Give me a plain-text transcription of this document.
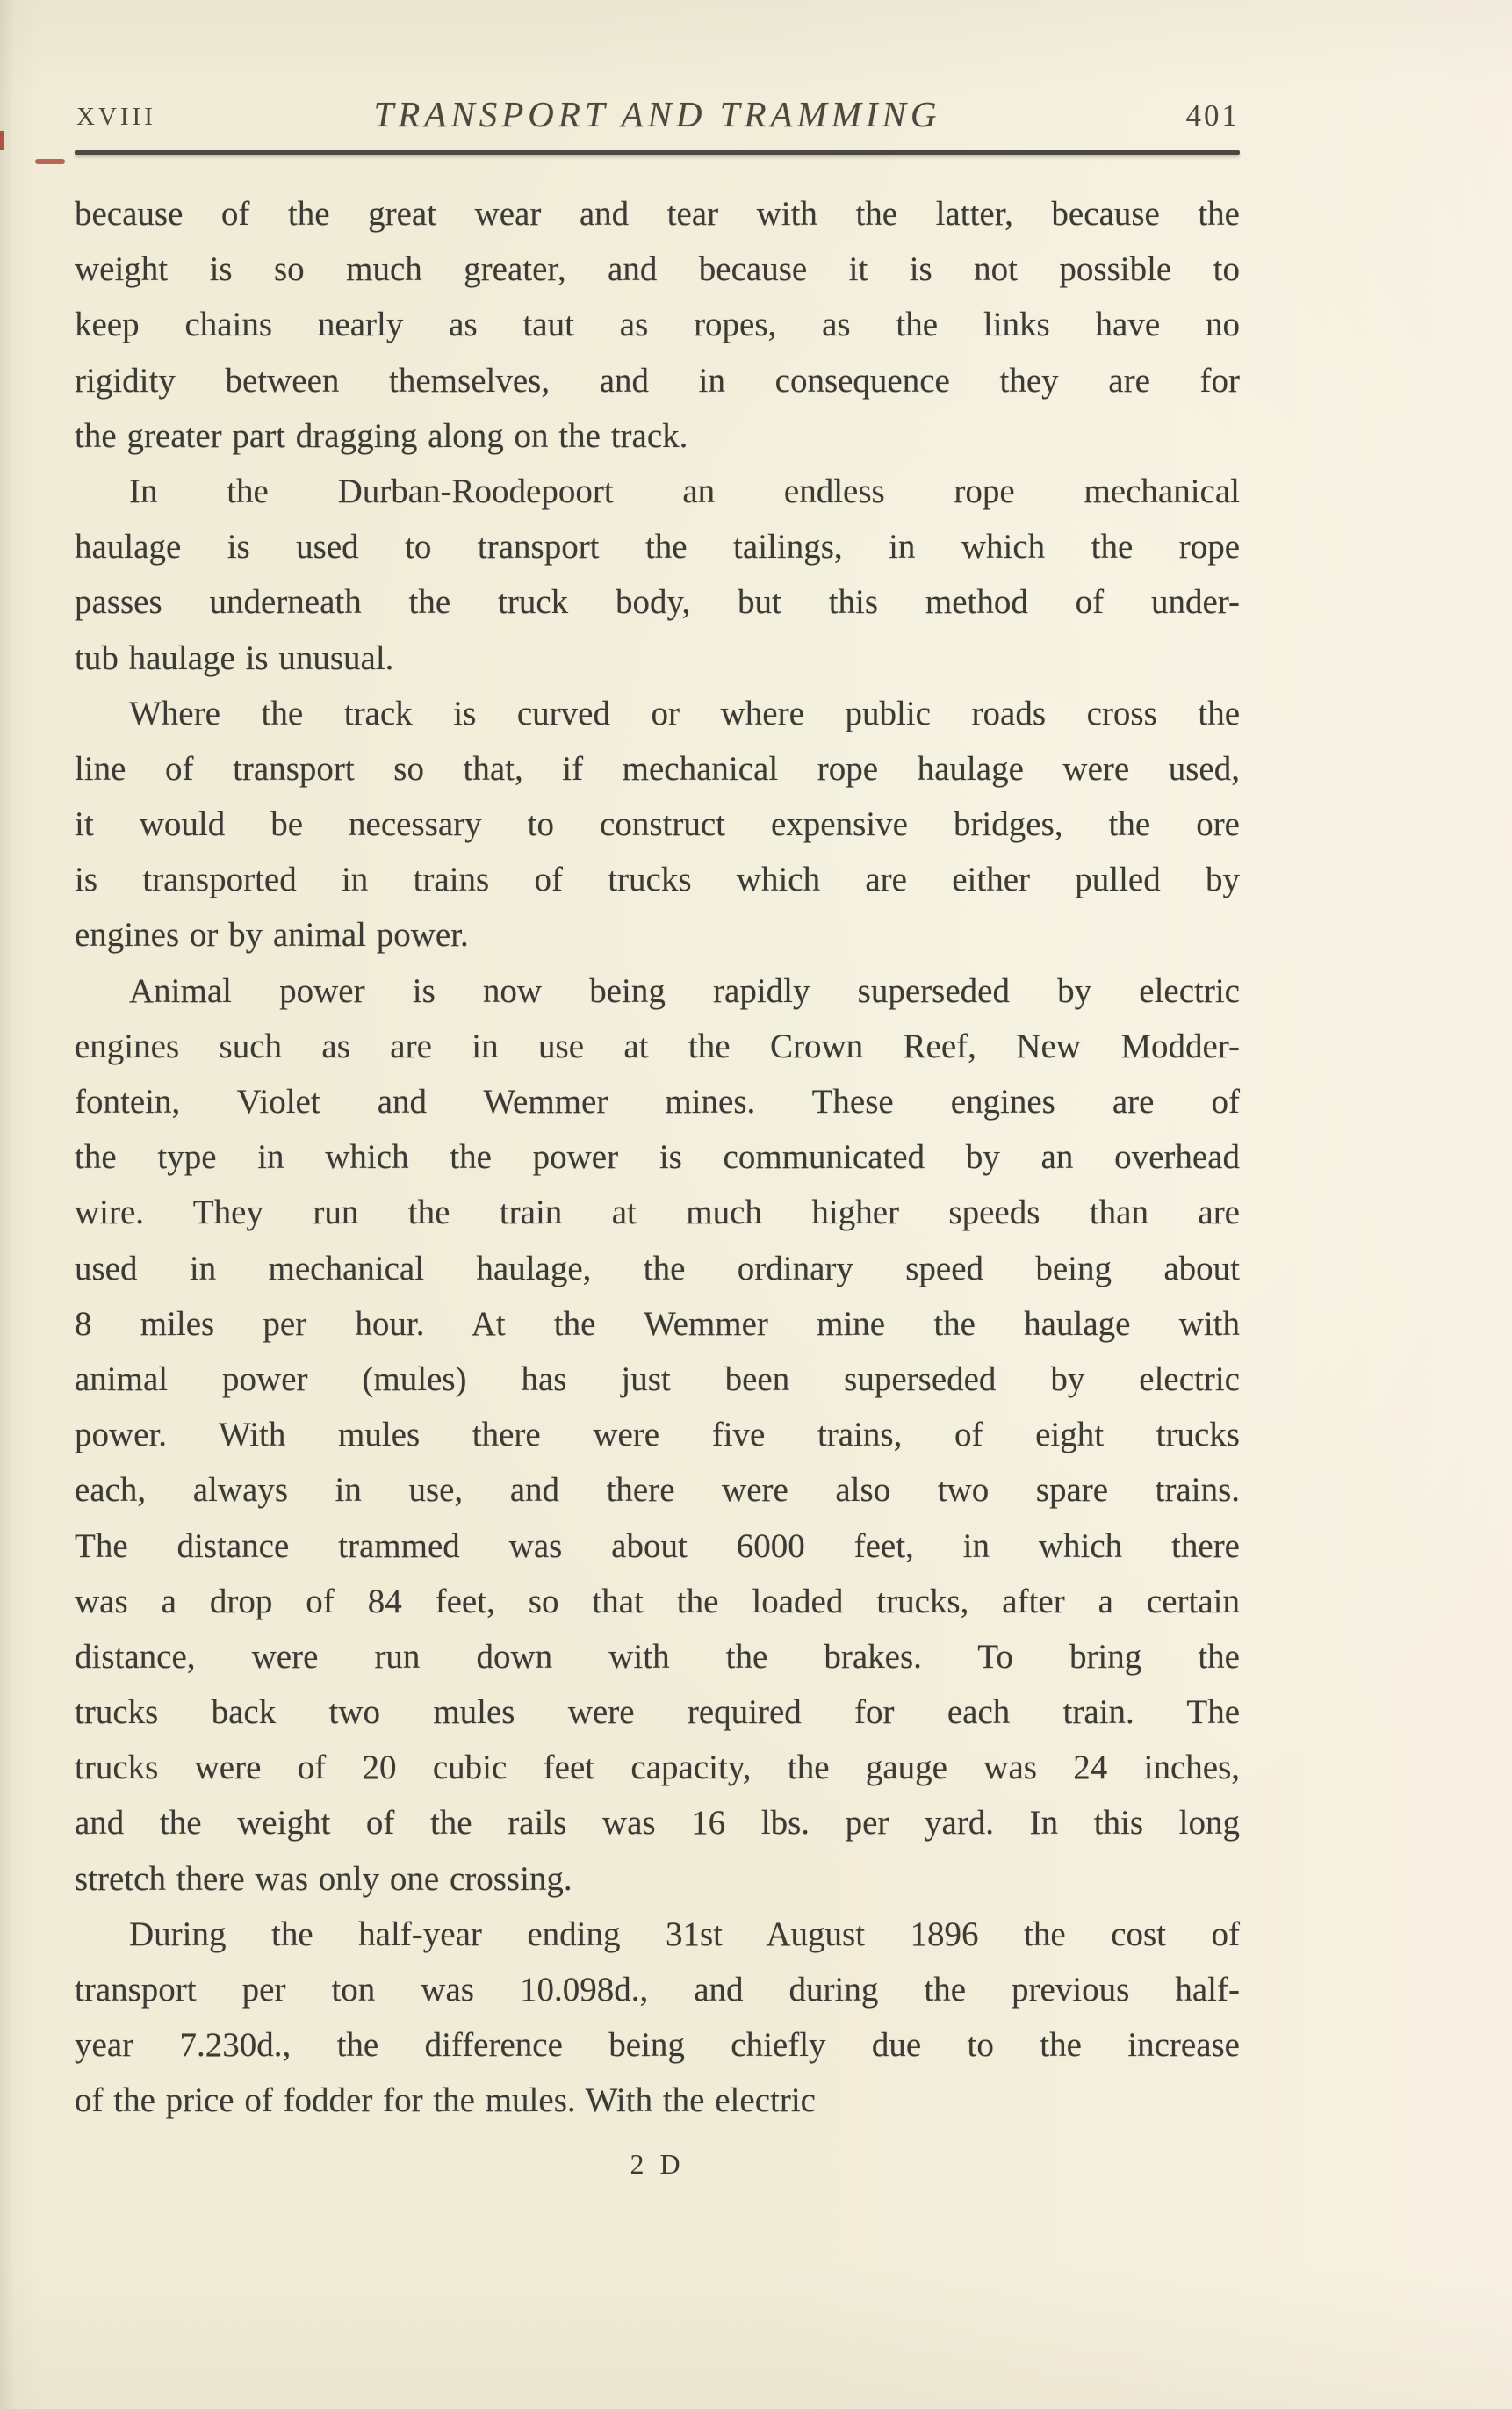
XVIII	TRANSPORT AND TRAMMING	401
because of the great wear and tear with the latter, because the
weight is so much greater, and because it is not possible to
keep chains nearly as taut as ropes, as the links have no
rigidity between themselves, and in consequence they are for
the greater part dragging along on the track.
In the Durban-Roodepoort an endless rope mechanical
haulage is used to transport the tailings, in which the rope
passes underneath the truck body, but this method of under-
tub haulage is unusual.
Where the track is curved or where public roads cross the
line of transport so that, if mechanical rope haulage were used,
it would be necessary to construct expensive bridges, the ore
is transported in trains of trucks which are either pulled by
engines or by animal power.
Animal power is now being rapidly superseded by electric
engines such as are in use at the Crown Reef, New Modder-
fontein, Violet and Wemmer mines. These engines are of
the type in which the power is communicated by an overhead
wire. They run the train at much higher speeds than are
used in mechanical haulage, the ordinary speed being about
8 miles per hour. At the Wemmer mine the haulage with
animal power (mules) has just been superseded by electric
power. With mules there were five trains, of eight trucks
each, always in use, and there were also two spare trains.
The distance trammed was about 6000 feet, in which there
was a drop of 84 feet, so that the loaded trucks, after a certain
distance, were run down with the brakes. To bring the
trucks back two mules were required for each train. The
trucks were of 20 cubic feet capacity, the gauge was 24 inches,
and the weight of the rails was 16 lbs. per yard. In this long
stretch there was only one crossing.
During the half-year ending 31st August 1896 the cost of
transport per ton was 10.098d., and during the previous half-
year 7.230d., the difference being chiefly due to the increase
of the price of fodder for the mules. With the electric
2 D
